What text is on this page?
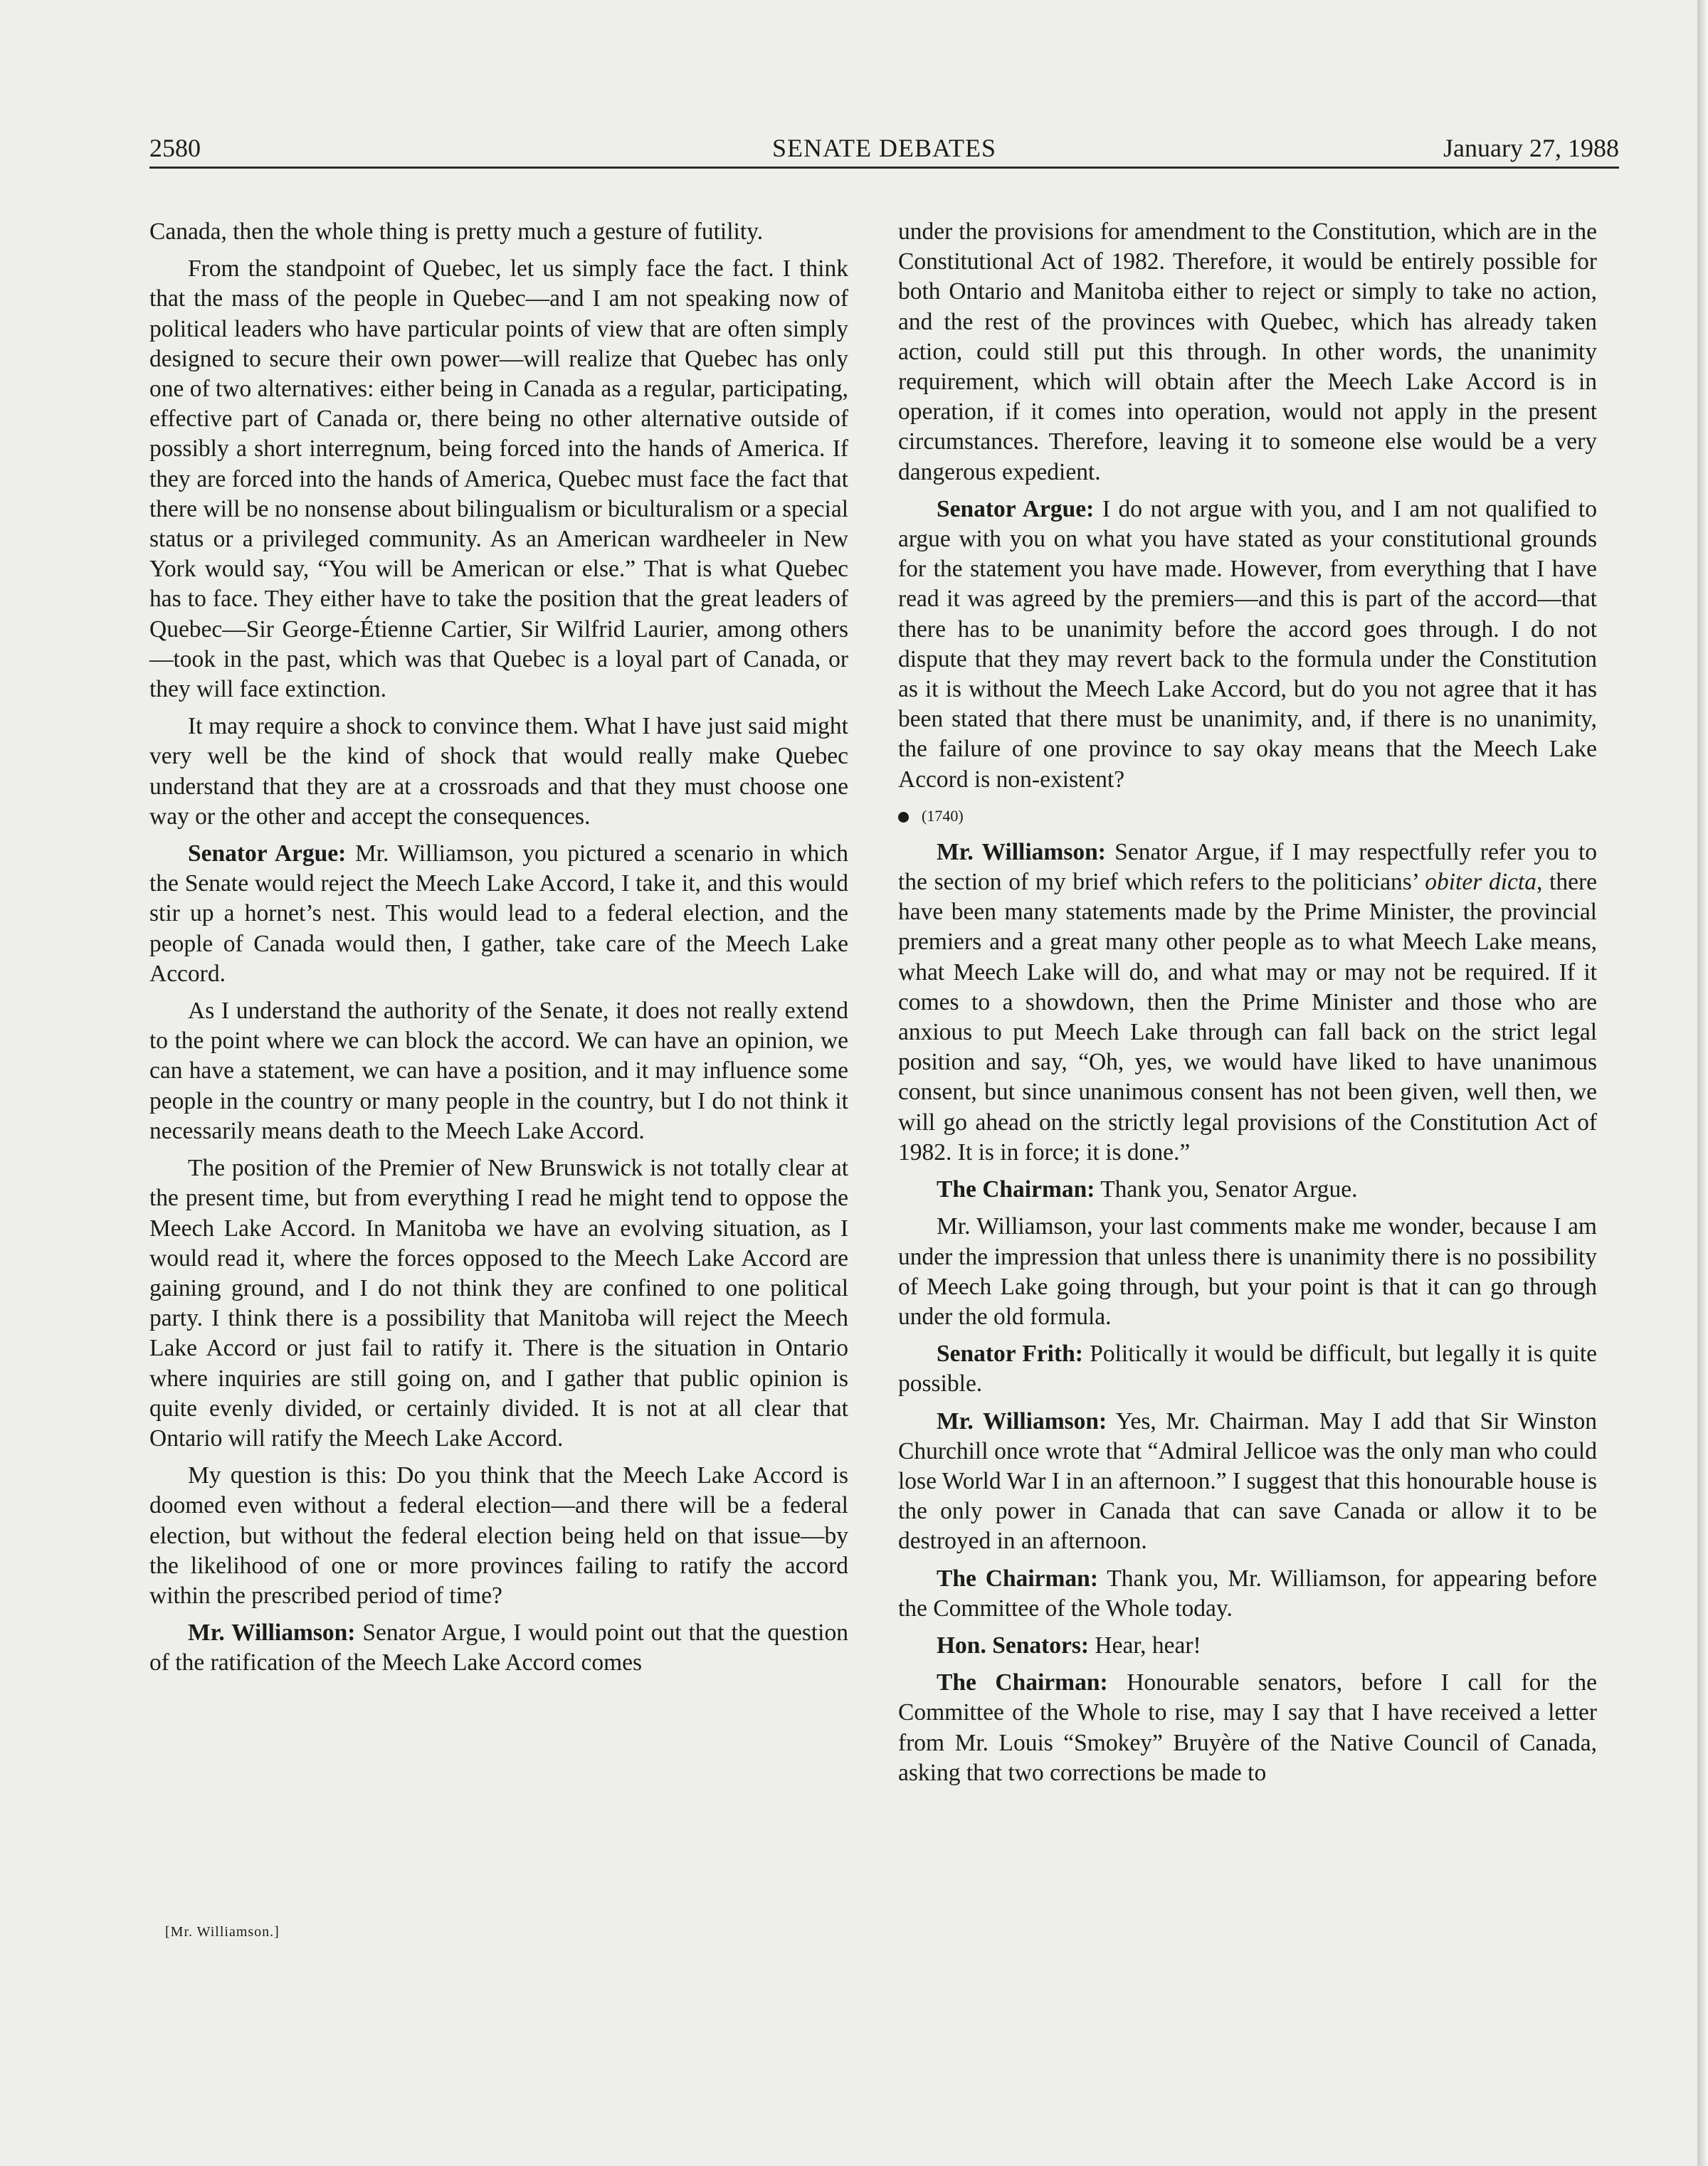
2580	SENATE DEBATES	January 27, 1988

Canada, then the whole thing is pretty much a gesture of futility.

From the standpoint of Quebec, let us simply face the fact. I think that the mass of the people in Quebec—and I am not speaking now of political leaders who have particular points of view that are often simply designed to secure their own power—will realize that Quebec has only one of two alternatives: either being in Canada as a regular, participating, effective part of Canada or, there being no other alternative outside of possibly a short interregnum, being forced into the hands of America. If they are forced into the hands of America, Quebec must face the fact that there will be no nonsense about bilingualism or biculturalism or a special status or a privileged community. As an American wardheeler in New York would say, “You will be American or else.” That is what Quebec has to face. They either have to take the position that the great leaders of Quebec—Sir George-Étienne Cartier, Sir Wilfrid Laurier, among others—took in the past, which was that Quebec is a loyal part of Canada, or they will face extinction.

It may require a shock to convince them. What I have just said might very well be the kind of shock that would really make Quebec understand that they are at a crossroads and that they must choose one way or the other and accept the consequences.

Senator Argue: Mr. Williamson, you pictured a scenario in which the Senate would reject the Meech Lake Accord, I take it, and this would stir up a hornet’s nest. This would lead to a federal election, and the people of Canada would then, I gather, take care of the Meech Lake Accord.

As I understand the authority of the Senate, it does not really extend to the point where we can block the accord. We can have an opinion, we can have a statement, we can have a position, and it may influence some people in the country or many people in the country, but I do not think it necessarily means death to the Meech Lake Accord.

The position of the Premier of New Brunswick is not totally clear at the present time, but from everything I read he might tend to oppose the Meech Lake Accord. In Manitoba we have an evolving situation, as I would read it, where the forces opposed to the Meech Lake Accord are gaining ground, and I do not think they are confined to one political party. I think there is a possibility that Manitoba will reject the Meech Lake Accord or just fail to ratify it. There is the situation in Ontario where inquiries are still going on, and I gather that public opinion is quite evenly divided, or certainly divided. It is not at all clear that Ontario will ratify the Meech Lake Accord.

My question is this: Do you think that the Meech Lake Accord is doomed even without a federal election—and there will be a federal election, but without the federal election being held on that issue—by the likelihood of one or more provinces failing to ratify the accord within the prescribed period of time?

Mr. Williamson: Senator Argue, I would point out that the question of the ratification of the Meech Lake Accord comes

under the provisions for amendment to the Constitution, which are in the Constitutional Act of 1982. Therefore, it would be entirely possible for both Ontario and Manitoba either to reject or simply to take no action, and the rest of the provinces with Quebec, which has already taken action, could still put this through. In other words, the unanimity requirement, which will obtain after the Meech Lake Accord is in operation, if it comes into operation, would not apply in the present circumstances. Therefore, leaving it to someone else would be a very dangerous expedient.

Senator Argue: I do not argue with you, and I am not qualified to argue with you on what you have stated as your constitutional grounds for the statement you have made. However, from everything that I have read it was agreed by the premiers—and this is part of the accord—that there has to be unanimity before the accord goes through. I do not dispute that they may revert back to the formula under the Constitution as it is without the Meech Lake Accord, but do you not agree that it has been stated that there must be unanimity, and, if there is no unanimity, the failure of one province to say okay means that the Meech Lake Accord is non-existent?

(1740)

Mr. Williamson: Senator Argue, if I may respectfully refer you to the section of my brief which refers to the politicians’ obiter dicta, there have been many statements made by the Prime Minister, the provincial premiers and a great many other people as to what Meech Lake means, what Meech Lake will do, and what may or may not be required. If it comes to a showdown, then the Prime Minister and those who are anxious to put Meech Lake through can fall back on the strict legal position and say, “Oh, yes, we would have liked to have unanimous consent, but since unanimous consent has not been given, well then, we will go ahead on the strictly legal provisions of the Constitution Act of 1982. It is in force; it is done.”

The Chairman: Thank you, Senator Argue.

Mr. Williamson, your last comments make me wonder, because I am under the impression that unless there is unanimity there is no possibility of Meech Lake going through, but your point is that it can go through under the old formula.

Senator Frith: Politically it would be difficult, but legally it is quite possible.

Mr. Williamson: Yes, Mr. Chairman. May I add that Sir Winston Churchill once wrote that “Admiral Jellicoe was the only man who could lose World War I in an afternoon.” I suggest that this honourable house is the only power in Canada that can save Canada or allow it to be destroyed in an afternoon.

The Chairman: Thank you, Mr. Williamson, for appearing before the Committee of the Whole today.

Hon. Senators: Hear, hear!

The Chairman: Honourable senators, before I call for the Committee of the Whole to rise, may I say that I have received a letter from Mr. Louis “Smokey” Bruyère of the Native Council of Canada, asking that two corrections be made to

[Mr. Williamson.]
